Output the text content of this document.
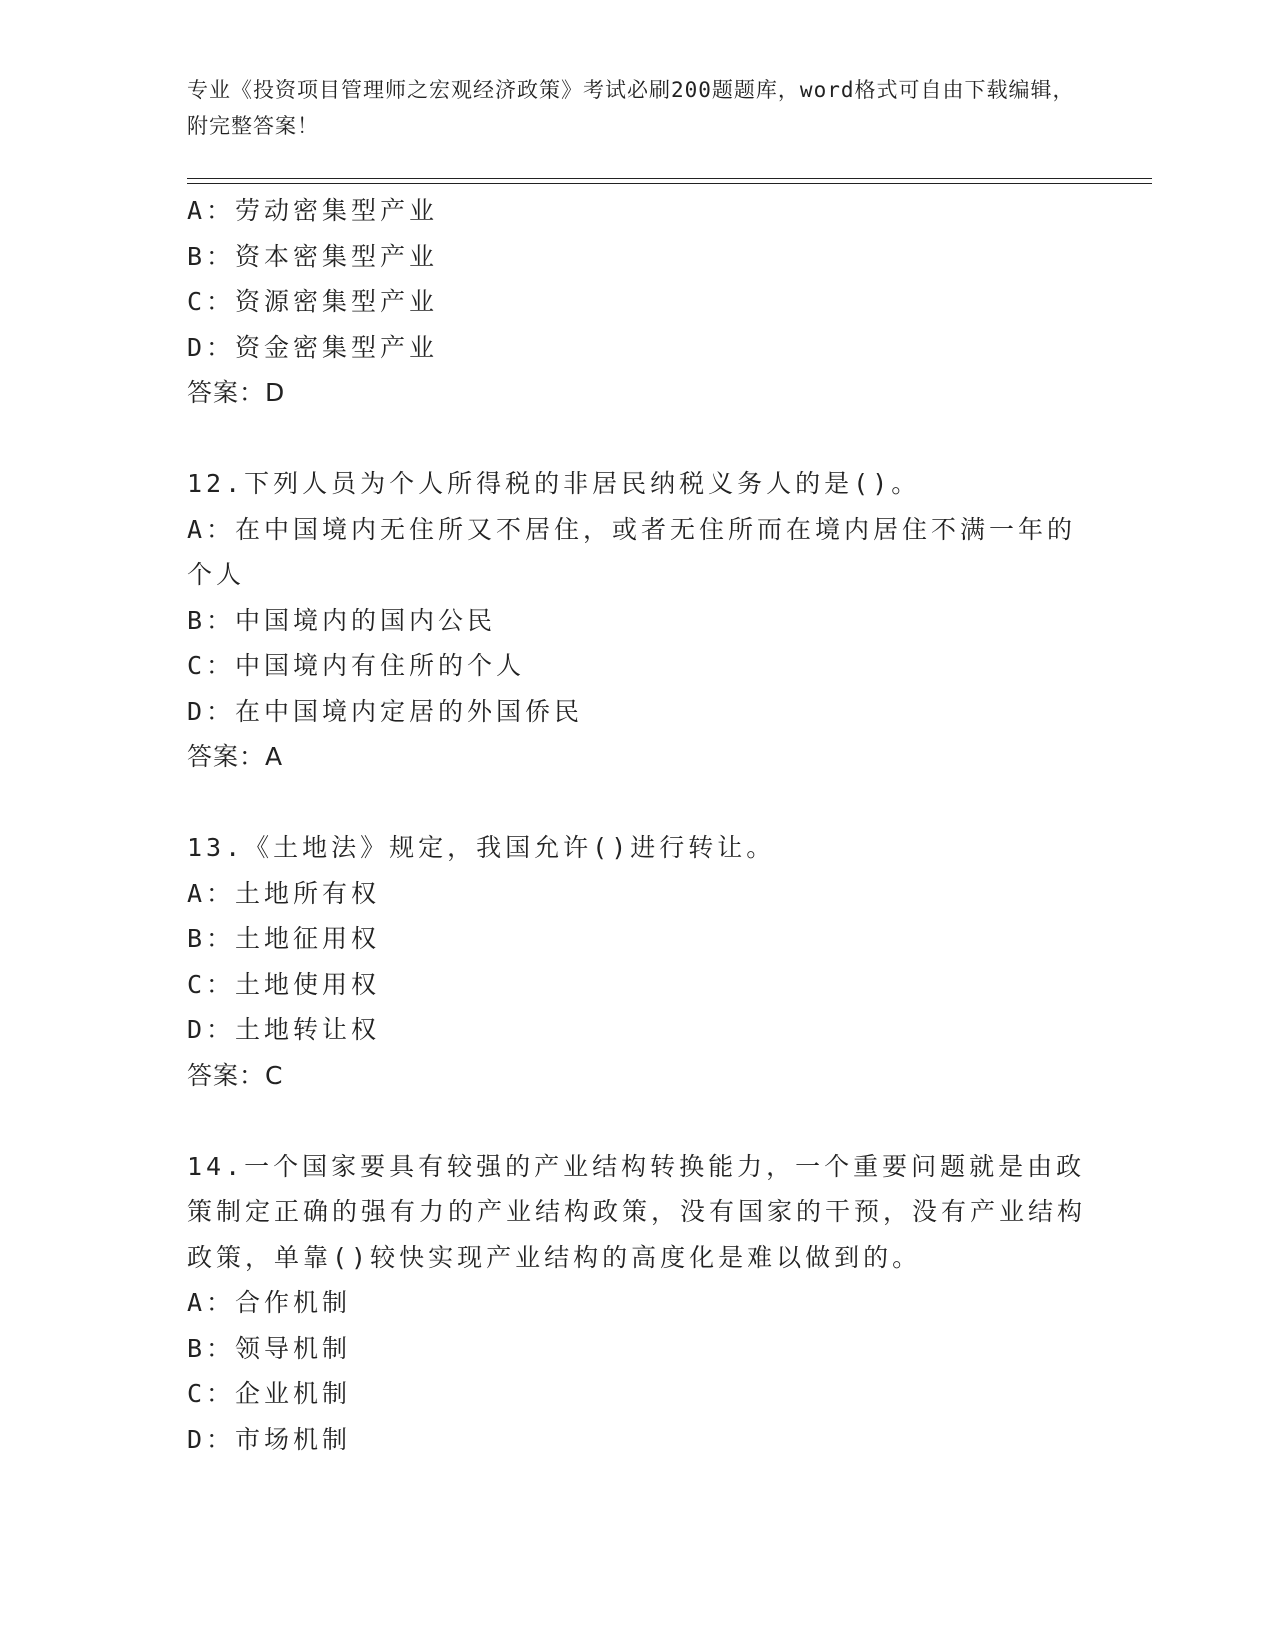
专业《投资项目管理师之宏观经济政策》考试必刷200题题库，word格式可自由下载编辑，附完整答案！

A：劳动密集型产业

B：资本密集型产业

C：资源密集型产业

D：资金密集型产业

答案：D

12.下列人员为个人所得税的非居民纳税义务人的是()。

A：在中国境内无住所又不居住，或者无住所而在境内居住不满一年的个人

B：中国境内的国内公民

C：中国境内有住所的个人

D：在中国境内定居的外国侨民

答案：A

13.《土地法》规定，我国允许()进行转让。

A：土地所有权

B：土地征用权

C：土地使用权

D：土地转让权

答案：C

14.一个国家要具有较强的产业结构转换能力，一个重要问题就是由政策制定正确的强有力的产业结构政策，没有国家的干预，没有产业结构政策，单靠()较快实现产业结构的高度化是难以做到的。

A：合作机制

B：领导机制

C：企业机制

D：市场机制
